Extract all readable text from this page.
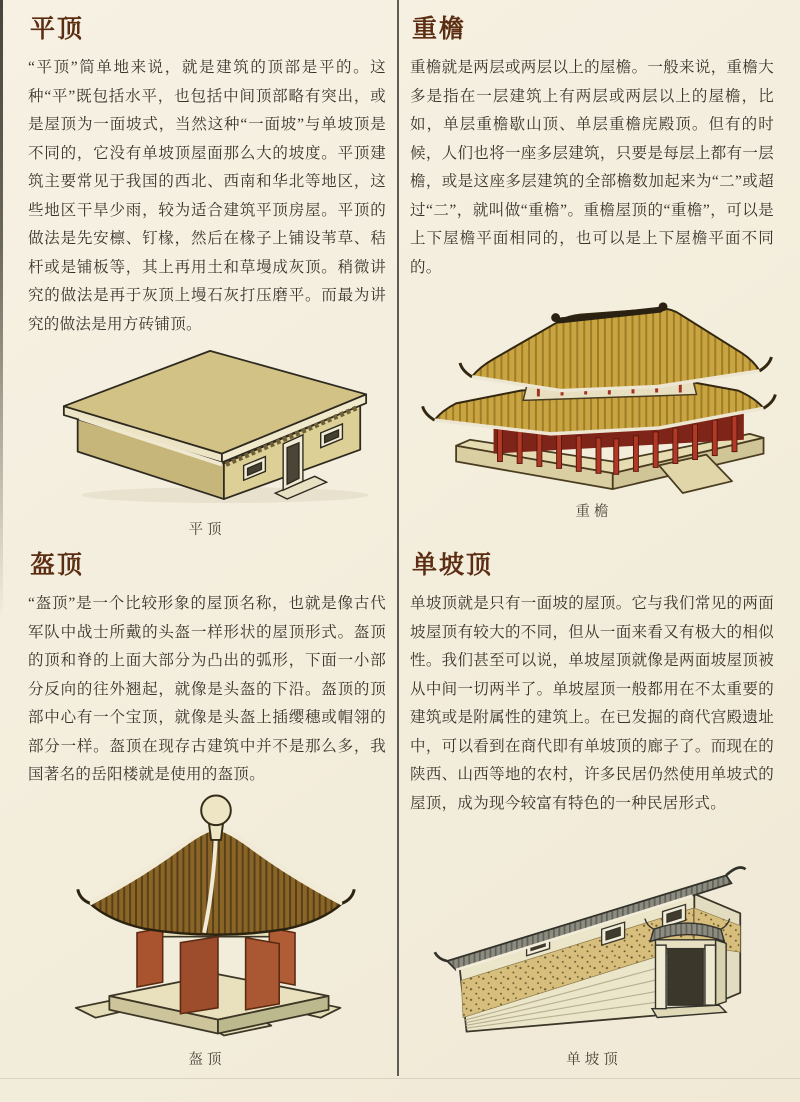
平顶
“平顶”简单地来说，就是建筑的顶部是平的。这种“平”既包括水平，也包括中间顶部略有突出，或是屋顶为一面坡式，当然这种“一面坡”与单坡顶是不同的，它没有单坡顶屋面那么大的坡度。平顶建筑主要常见于我国的西北、西南和华北等地区，这些地区干旱少雨，较为适合建筑平顶房屋。平顶的做法是先安檩、钉椽，然后在椽子上铺设苇草、秸杆或是铺板等，其上再用土和草墁成灰顶。稍微讲究的做法是再于灰顶上墁石灰打压磨平。而最为讲究的做法是用方砖铺顶。
平顶
盔顶
“盔顶”是一个比较形象的屋顶名称，也就是像古代军队中战士所戴的头盔一样形状的屋顶形式。盔顶的顶和脊的上面大部分为凸出的弧形，下面一小部分反向的往外翘起，就像是头盔的下沿。盔顶的顶部中心有一个宝顶，就像是头盔上插缨穗或帽翎的部分一样。盔顶在现存古建筑中并不是那么多，我国著名的岳阳楼就是使用的盔顶。
盔顶
重檐
重檐就是两层或两层以上的屋檐。一般来说，重檐大多是指在一层建筑上有两层或两层以上的屋檐，比如，单层重檐歇山顶、单层重檐庑殿顶。但有的时候，人们也将一座多层建筑，只要是每层上都有一层檐，或是这座多层建筑的全部檐数加起来为“二”或超过“二”，就叫做“重檐”。重檐屋顶的“重檐”，可以是上下屋檐平面相同的，也可以是上下屋檐平面不同的。
重檐
单坡顶
单坡顶就是只有一面坡的屋顶。它与我们常见的两面坡屋顶有较大的不同，但从一面来看又有极大的相似性。我们甚至可以说，单坡屋顶就像是两面坡屋顶被从中间一切两半了。单坡屋顶一般都用在不太重要的建筑或是附属性的建筑上。在已发掘的商代宫殿遗址中，可以看到在商代即有单坡顶的廊子了。而现在的陕西、山西等地的农村，许多民居仍然使用单坡式的屋顶，成为现今较富有特色的一种民居形式。
单坡顶
